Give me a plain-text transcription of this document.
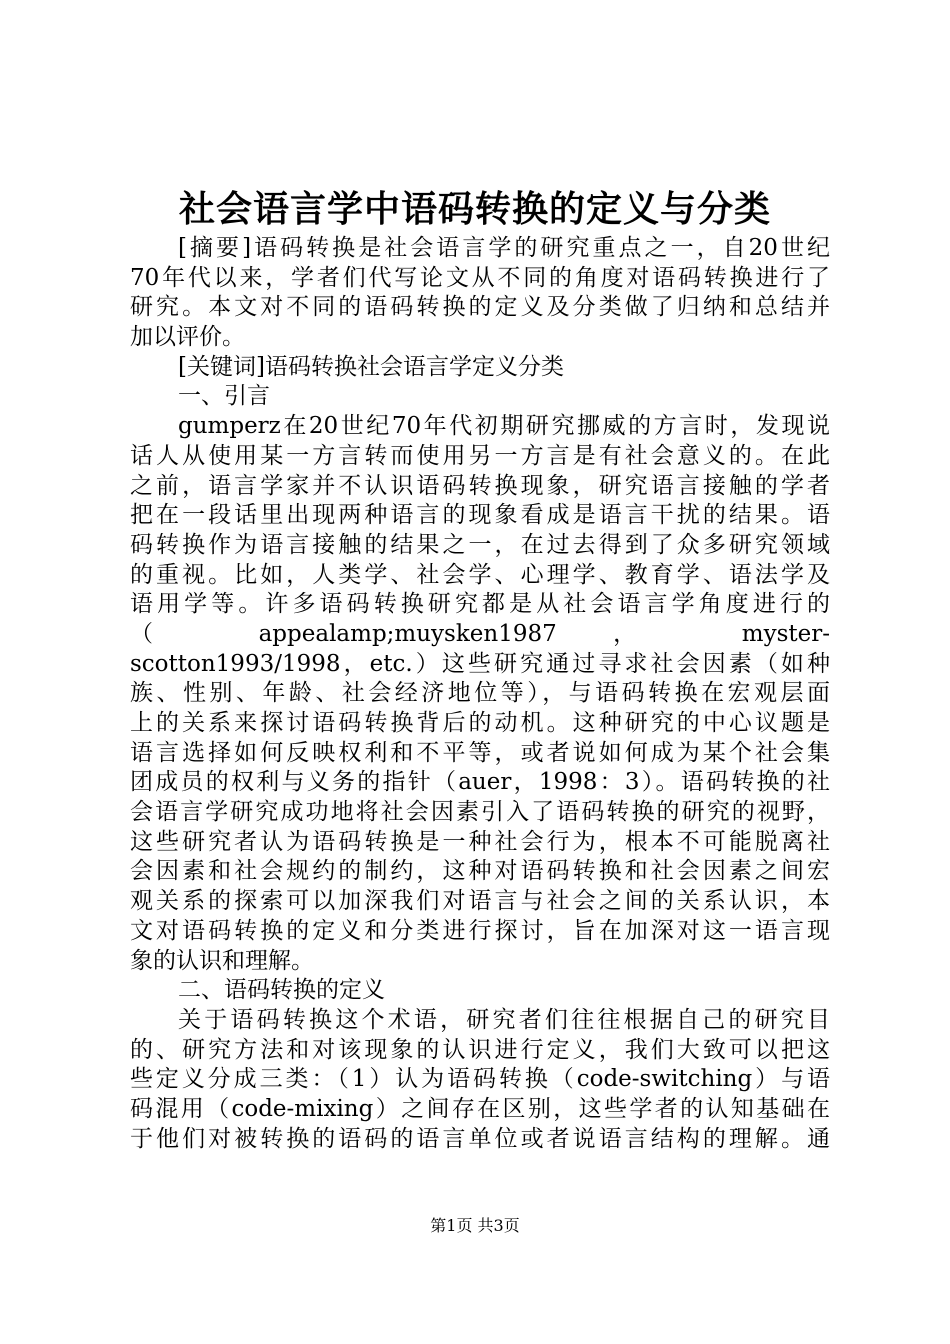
社会语言学中语码转换的定义与分类
[摘要]语码转换是社会语言学的研究重点之一，自20世纪
70年代以来，学者们代写论文从不同的角度对语码转换进行了
研究。本文对不同的语码转换的定义及分类做了归纳和总结并
加以评价。
[关键词]语码转换社会语言学定义分类
一、引言
gumperz在20世纪70年代初期研究挪威的方言时，发现说
话人从使用某一方言转而使用另一方言是有社会意义的。在此
之前，语言学家并不认识语码转换现象，研究语言接触的学者
把在一段话里出现两种语言的现象看成是语言干扰的结果。语
码转换作为语言接触的结果之一，在过去得到了众多研究领域
的重视。比如，人类学、社会学、心理学、教育学、语法学及
语用学等。许多语码转换研究都是从社会语言学角度进行的
（ appealamp;muysken1987 ， myster-
scotton1993/1998，etc.）这些研究通过寻求社会因素（如种
族、性别、年龄、社会经济地位等），与语码转换在宏观层面
上的关系来探讨语码转换背后的动机。这种研究的中心议题是
语言选择如何反映权利和不平等，或者说如何成为某个社会集
团成员的权利与义务的指针（auer，1998：3）。语码转换的社
会语言学研究成功地将社会因素引入了语码转换的研究的视野，
这些研究者认为语码转换是一种社会行为，根本不可能脱离社
会因素和社会规约的制约，这种对语码转换和社会因素之间宏
观关系的探索可以加深我们对语言与社会之间的关系认识，本
文对语码转换的定义和分类进行探讨，旨在加深对这一语言现
象的认识和理解。
二、语码转换的定义
关于语码转换这个术语，研究者们往往根据自己的研究目
的、研究方法和对该现象的认识进行定义，我们大致可以把这
些定义分成三类：（1）认为语码转换（code-switching）与语
码混用（code-mixing）之间存在区别，这些学者的认知基础在
于他们对被转换的语码的语言单位或者说语言结构的理解。通

第1页 共3页
